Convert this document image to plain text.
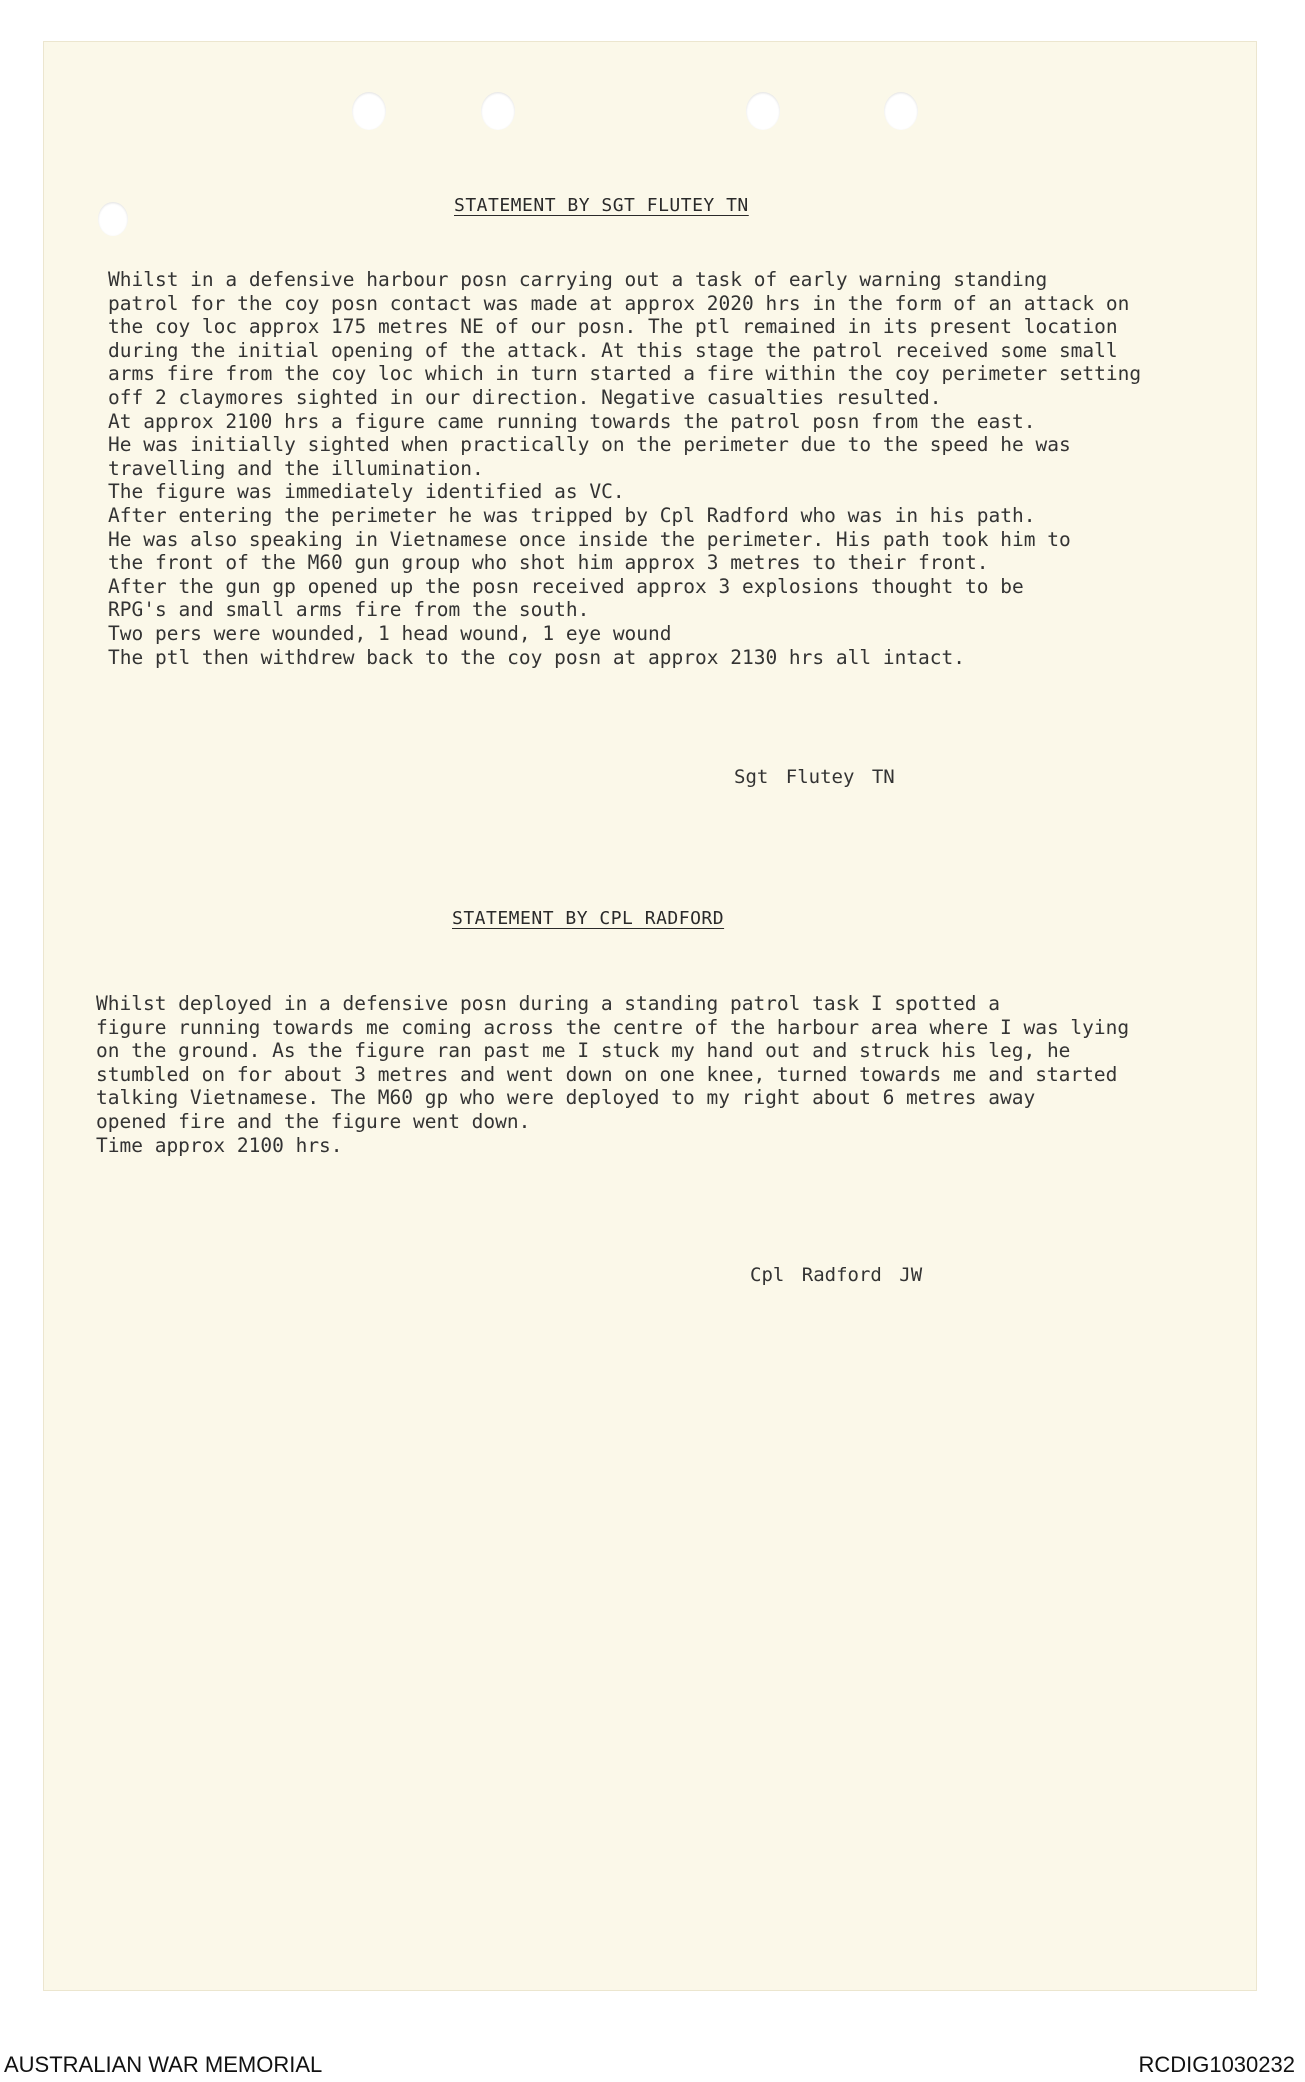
STATEMENT BY SGT FLUTEY TN
Whilst in a defensive harbour posn carrying out a task of early warning standing
patrol for the coy posn contact was made at approx 2020 hrs in the form of an attack on
the coy loc approx 175 metres NE of our posn. The ptl remained in its present location
during the initial opening of the attack. At this stage the patrol received some small
arms fire from the coy loc which in turn started a fire within the coy perimeter setting
off 2 claymores sighted in our direction. Negative casualties resulted.
At approx 2100 hrs a figure came running towards the patrol posn from the east.
He was initially sighted when practically on the perimeter due to the speed he was
travelling and the illumination.
The figure was immediately identified as VC.
After entering the perimeter he was tripped by Cpl Radford who was in his path.
He was also speaking in Vietnamese once inside the perimeter. His path took him to
the front of the M60 gun group who shot him approx 3 metres to their front.
After the gun gp opened up the posn received approx 3 explosions thought to be
RPG's and small arms fire from the south.
Two pers were wounded, 1 head wound, 1 eye wound
The ptl then withdrew back to the coy posn at approx 2130 hrs all intact.
Sgt Flutey TN
STATEMENT BY CPL RADFORD
Whilst deployed in a defensive posn during a standing patrol task I spotted a
figure running towards me coming across the centre of the harbour area where I was lying
on the ground. As the figure ran past me I stuck my hand out and struck his leg, he
stumbled on for about 3 metres and went down on one knee, turned towards me and started
talking Vietnamese. The M60 gp who were deployed to my right about 6 metres away
opened fire and the figure went down.
Time approx 2100 hrs.
Cpl Radford JW
AUSTRALIAN WAR MEMORIAL	RCDIG1030232
